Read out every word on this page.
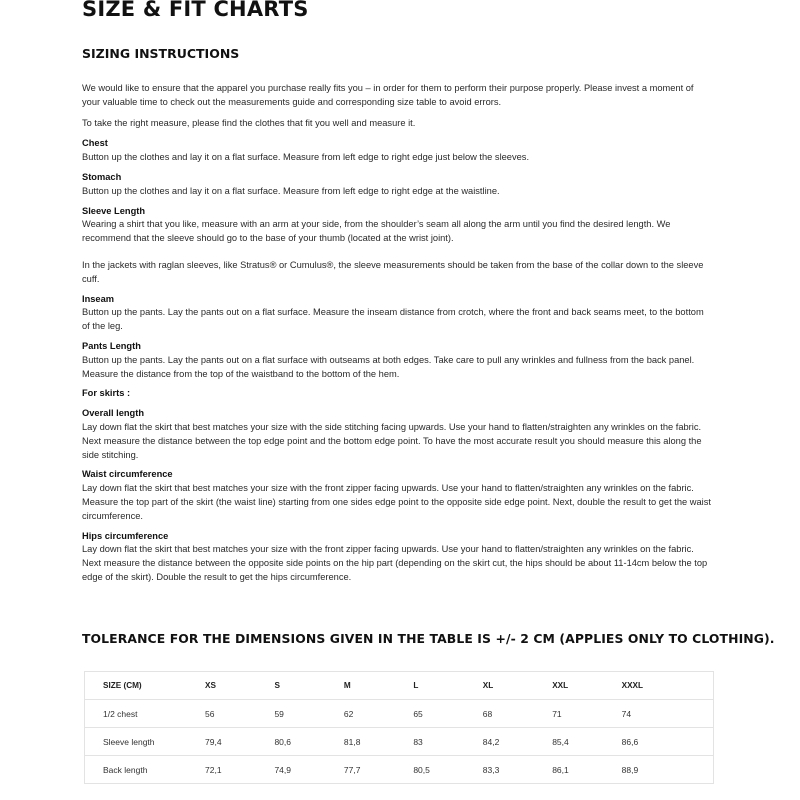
SIZE & FIT CHARTS
SIZING INSTRUCTIONS

We would like to ensure that the apparel you purchase really fits you – in order for them to perform their purpose properly. Please invest a moment of your valuable time to check out the measurements guide and corresponding size table to avoid errors.

To take the right measure, please find the clothes that fit you well and measure it.

Chest
Button up the clothes and lay it on a flat surface. Measure from left edge to right edge just below the sleeves.
Stomach
Button up the clothes and lay it on a flat surface. Measure from left edge to right edge at the waistline.
Sleeve Length
Wearing a shirt that you like, measure with an arm at your side, from the shoulder’s seam all along the arm until you find the desired length. We recommend that the sleeve should go to the base of your thumb (located at the wrist joint).
In the jackets with raglan sleeves, like Stratus® or Cumulus®, the sleeve measurements should be taken from the base of the collar down to the sleeve cuff.
Inseam
Button up the pants. Lay the pants out on a flat surface. Measure the inseam distance from crotch, where the front and back seams meet, to the bottom of the leg.
Pants Length
Button up the pants. Lay the pants out on a flat surface with outseams at both edges. Take care to pull any wrinkles and fullness from the back panel. Measure the distance from the top of the waistband to the bottom of the hem.
For skirts :
Overall length
Lay down flat the skirt that best matches your size with the side stitching facing upwards. Use your hand to flatten/straighten any wrinkles on the fabric. Next measure the distance between the top edge point and the bottom edge point. To have the most accurate result you should measure this along the side stitching.
Waist circumference
Lay down flat the skirt that best matches your size with the front zipper facing upwards. Use your hand to flatten/straighten any wrinkles on the fabric. Measure the top part of the skirt (the waist line) starting from one sides edge point to the opposite side edge point. Next, double the result to get the waist circumference.
Hips circumference
Lay down flat the skirt that best matches your size with the front zipper facing upwards. Use your hand to flatten/straighten any wrinkles on the fabric. Next measure the distance between the opposite side points on the hip part (depending on the skirt cut, the hips should be about 11-14cm below the top edge of the skirt). Double the result to get the hips circumference.
TOLERANCE FOR THE DIMENSIONS GIVEN IN THE TABLE IS +/- 2 CM (APPLIES ONLY TO CLOTHING).
SIZE (CM)	XS	S	M	L	XL	XXL	XXXL
1/2 chest	56	59	62	65	68	71	74
Sleeve length	79,4	80,6	81,8	83	84,2	85,4	86,6
Back length	72,1	74,9	77,7	80,5	83,3	86,1	88,9
